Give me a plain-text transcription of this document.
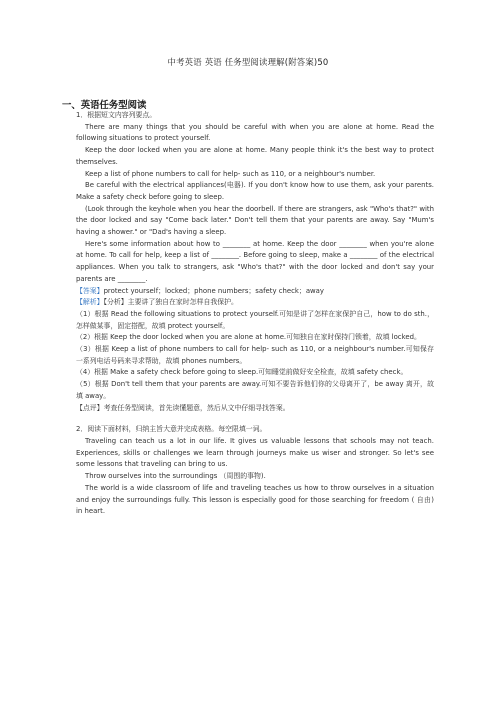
中考英语 英语 任务型阅读理解(附答案)50
一、英语任务型阅读

1．根据短文内容列要点。

There are many things that you should be careful with when you are alone at home. Read the following situations to protect yourself.

Keep the door locked when you are alone at home. Many people think it's the best way to protect themselves.

Keep a list of phone numbers to call for help- such as 110, or a neighbour's number.

Be careful with the electrical appliances(电器). If you don't know how to use them, ask your parents. Make a safety check before going to sleep.

(Look through the keyhole when you hear the doorbell. If there are strangers, ask "Who's that?" with the door locked and say "Come back later." Don't tell them that your parents are away. Say "Mum's having a shower." or "Dad's having a sleep.

Here's some information about how to ________ at home. Keep the door ________ when you're alone at home. To call for help, keep a list of ________. Before going to sleep, make a ________ of the electrical appliances. When you talk to strangers, ask "Who's that?" with the door locked and don't say your parents are ________.

【答案】protect yourself；locked；phone numbers；safety check；away

【解析】【分析】主要讲了独自在家时怎样自我保护。

（1）根据 Read the following situations to protect yourself.可知是讲了怎样在家保护自己，how to do sth.，怎样做某事，固定搭配，故填 protect yourself。

（2）根据 Keep the door locked when you are alone at home.可知独自在家时保持门锁着，故填 locked。

（3）根据 Keep a list of phone numbers to call for help- such as 110, or a neighbour's number.可知保存一系列电话号码来寻求帮助，故填 phones numbers。

（4）根据 Make a safety check before going to sleep.可知睡觉前做好安全检查，故填 safety check。

（5）根据 Don't tell them that your parents are away.可知不要告诉他们你的父母离开了，be away 离开，故填 away。

【点评】考查任务型阅读，首先读懂题意，然后从文中仔细寻找答案。

2．阅读下面材料，归纳主旨大意并完成表格。每空限填一词。

Traveling can teach us a lot in our life. It gives us valuable lessons that schools may not teach. Experiences, skills or challenges we learn through journeys make us wiser and stronger. So let's see some lessons that traveling can bring to us.

Throw ourselves into the surroundings （周围的事物).

The world is a wide classroom of life and traveling teaches us how to throw ourselves in a situation and enjoy the surroundings fully. This lesson is especially good for those searching for freedom ( 自由) in heart.
